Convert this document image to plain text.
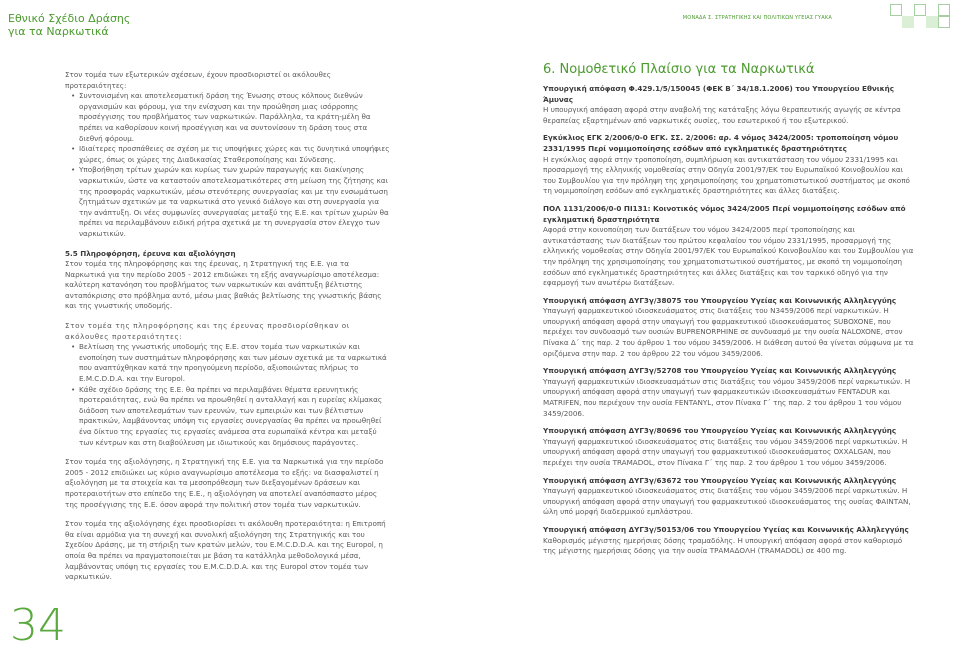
Εθνικό Σχέδιο Δράσης
για τα Ναρκωτικά
ΜΟΝΑΔΑ Σ. ΣΤΡΑΤΗΓΙΚΗΣ ΚΑΙ ΠΟΛΙΤΙΚΩΝ ΥΓΕΙΑΣ ΓΥΑΚΑ

Στον τομέα των εξωτερικών σχέσεων, έχουν προσδιοριστεί οι ακόλουθες προτεραιότητες:

• Συντονισμένη και αποτελεσματική δράση της Ένωσης στους κόλπους διεθνών οργανισμών και φόρουμ, για την ενίσχυση και την προώθηση μιας ισόρροπης προσέγγισης του προβλήματος των ναρκωτικών. Παράλληλα, τα κράτη-μέλη θα πρέπει να καθορίσουν κοινή προσέγγιση και να συντονίσουν τη δράση τους στα διεθνή φόρουμ.
• Ιδιαίτερες προσπάθειες σε σχέση με τις υποψήφιες χώρες και τις δυνητικά υποψήφιες χώρες, όπως οι χώρες της Διαδικασίας Σταθεροποίησης και Σύνδεσης.
• Υποβοήθηση τρίτων χωρών και κυρίως των χωρών παραγωγής και διακίνησης ναρκωτικών, ώστε να καταστούν αποτελεσματικότερες στη μείωση της ζήτησης και της προσφοράς ναρκωτικών, μέσω στενότερης συνεργασίας και με την ενσωμάτωση ζητημάτων σχετικών με τα ναρκωτικά στο γενικό διάλογο και στη συνεργασία για την ανάπτυξη. Οι νέες συμφωνίες συνεργασίας μεταξύ της Ε.Ε. και τρίτων χωρών θα πρέπει να περιλαμβάνουν ειδική ρήτρα σχετικά με τη συνεργασία στον έλεγχο των ναρκωτικών.

5.5 Πληροφόρηση, έρευνα και αξιολόγηση

Στον τομέα της πληροφόρησης και της έρευνας, η Στρατηγική της Ε.Ε. για τα Ναρκωτικά για την περίοδο 2005 - 2012 επιδιώκει τη εξής αναγνωρίσιμο αποτέλεσμα: καλύτερη κατανόηση του προβλήματος των ναρκωτικών και ανάπτυξη βέλτιστης ανταπόκρισης στο πρόβλημα αυτό, μέσω μιας βαθιάς βελτίωσης της γνωστικής βάσης και της γνωστικής υποδομής.

Στον τομέα της πληροφόρησης και της έρευνας προσδιορίσθηκαν οι ακόλουθες προτεραιότητες:

• Βελτίωση της γνωστικής υποδομής της Ε.Ε. στον τομέα των ναρκωτικών και ενοποίηση των συστημάτων πληροφόρησης και των μέσων σχετικά με τα ναρκωτικά που αναπτύχθηκαν κατά την προηγούμενη περίοδο, αξιοποιώντας πλήρως το Ε.Μ.C.D.D.A. και την Europol.
• Κάθε σχέδιο δράσης της Ε.Ε. θα πρέπει να περιλαμβάνει θέματα ερευνητικής προτεραιότητας, ενώ θα πρέπει να προωθηθεί η ανταλλαγή και η ευρείας κλίμακας διάδοση των αποτελεσμάτων των ερευνών, των εμπειριών και των βέλτιστων πρακτικών, λαμβάνοντας υπόψη τις εργασίες συνεργασίας θα πρέπει να προωθηθεί ένα δίκτυο της εργασίες τις εργασίες ανάμεσα στα ευρωπαϊκά κέντρα και μεταξύ των κέντρων και στη διαβούλευση με ιδιωτικούς και δημόσιους παράγοντες.

Στον τομέα της αξιολόγησης, η Στρατηγική της Ε.Ε. για τα Ναρκωτικά για την περίοδο 2005 - 2012 επιδιώκει ως κύριο αναγνωρίσιμο αποτέλεσμα το εξής: να διασφαλιστεί η αξιολόγηση με τα στοιχεία και τα μεσοπρόθεσμη των διεξαγομένων δράσεων και προτεραιοτήτων στο επίπεδο της Ε.Ε., η αξιολόγηση να αποτελεί αναπόσπαστο μέρος της προσέγγισης της Ε.Ε. όσον αφορά την πολιτική στον τομέα των ναρκωτικών.

Στον τομέα της αξιολόγησης έχει προσδιορίσει τι ακόλουθη προτεραιότητα: η Επιτροπή θα είναι αρμόδια για τη συνεχή και συνολική αξιολόγηση της Στρατηγικής και του Σχεδίου Δράσης, με τη στήριξη των κρατών μελών, του Ε.Μ.C.D.D.A. και της Europol, η οποία θα πρέπει να πραγματοποιείται με βάση τα κατάλληλα μεθοδολογικά μέσα, λαμβάνοντας υπόψη τις εργασίες του Ε.Μ.C.D.D.A. και της Europol στον τομέα των ναρκωτικών.

6. Νομοθετικό Πλαίσιο για τα Ναρκωτικά

Υπουργική απόφαση Φ.429.1/5/150045 (ΦΕΚ Β΄ 34/18.1.2006) του Υπουργείου Εθνικής Άμυνας

Η υπουργική απόφαση αφορά στην αναβολή της κατάταξης λόγω θεραπευτικής αγωγής σε κέντρα θεραπείας εξαρτημένων από ναρκωτικές ουσίες, του εσωτερικού ή του εξωτερικού.

Εγκύκλιος ΕΓΚ 2/2006/0-0 ΕΓΚ. ΣΣ. 2/2006: αρ. 4 νόμος 3424/2005: τροποποίηση νόμου 2331/1995 Περί νομιμοποίησης εσόδων από εγκληματικές δραστηριότητες

Η εγκύκλιος αφορά στην τροποποίηση, συμπλήρωση και αντικατάσταση του νόμου 2331/1995 και προσαρμογή της ελληνικής νομοθεσίας στην Οδηγία 2001/97/ΕΚ του Ευρωπαϊκού Κοινοβουλίου και του Συμβουλίου για την πρόληψη της χρησιμοποίησης του χρηματοπιστωτικού συστήματος με σκοπό τη νομιμοποίηση εσόδων από εγκληματικές δραστηριότητες και άλλες διατάξεις.

ΠΟΛ 1131/2006/0-0 ΠΙ131: Κοινοτικός νόμος 3424/2005 Περί νομιμοποίησης εσόδων από εγκληματική δραστηριότητα

Αφορά στην κοινοποίηση των διατάξεων του νόμου 3424/2005 περί τροποποίησης και αντικατάστασης των διατάξεων του πρώτου κεφαλαίου του νόμου 2331/1995, προσαρμογή της ελληνικής νομοθεσίας στην Οδηγία 2001/97/ΕΚ του Ευρωπαϊκού Κοινοβουλίου και του Συμβουλίου για την πρόληψη της χρησιμοποίησης του χρηματοπιστωτικού συστήματος, με σκοπό τη νομιμοποίηση εσόδων από εγκληματικές δραστηριότητες και άλλες διατάξεις και τον ταρκικό οδηγό για την εφαρμογή των ανωτέρω διατάξεων.

Υπουργική απόφαση ΔΥΓ3γ/38075 του Υπουργείου Υγείας και Κοινωνικής Αλληλεγγύης

Υπαγωγή φαρμακευτικού ιδιοσκευάσματος στις διατάξεις του Ν3459/2006 περί ναρκωτικών. Η υπουργική απόφαση αφορά στην υπαγωγή του φαρμακευτικού ιδιοσκευάσματος SUBOXONE, που περιέχει τον συνδυασμό των ουσιών BUPRENORPHINE σε συνδυασμό με την ουσία NALOXONE, στον Πίνακα Δ΄ της παρ. 2 του άρθρου 1 του νόμου 3459/2006. Η διάθεση αυτού θα γίνεται σύμφωνα με τα οριζόμενα στην παρ. 2 του άρθρου 22 του νόμου 3459/2006.

Υπουργική απόφαση ΔΥΓ3γ/52708 του Υπουργείου Υγείας και Κοινωνικής Αλληλεγγύης

Υπαγωγή φαρμακευτικών ιδιοσκευασμάτων στις διατάξεις του νόμου 3459/2006 περί ναρκωτικών. Η υπουργική απόφαση αφορά στην υπαγωγή των φαρμακευτικών ιδιοσκευασμάτων FENTADUR και MATRIFEN, που περιέχουν την ουσία FENTANYL, στον Πίνακα Γ΄ της παρ. 2 του άρθρου 1 του νόμου 3459/2006.

Υπουργική απόφαση ΔΥΓ3γ/80696 του Υπουργείου Υγείας και Κοινωνικής Αλληλεγγύης

Υπαγωγή φαρμακευτικού ιδιοσκευάσματος στις διατάξεις του νόμου 3459/2006 περί ναρκωτικών. Η υπουργική απόφαση αφορά στην υπαγωγή του φαρμακευτικού ιδιοσκευάσματος OXXALGAN, που περιέχει την ουσία TRAMADOL, στον Πίνακα Γ΄ της παρ. 2 του άρθρου 1 του νόμου 3459/2006.

Υπουργική απόφαση ΔΥΓ3γ/63672 του Υπουργείου Υγείας και Κοινωνικής Αλληλεγγύης

Υπαγωγή φαρμακευτικού ιδιοσκευάσματος στις διατάξεις του νόμου 3459/2006 περί ναρκωτικών. Η υπουργική απόφαση αφορά στην υπαγωγή του φαρμακευτικού ιδιοσκευάσματος της ουσίας ΦΑΙΝΤΑΝ, ώλη υπό μορφή διαδερμικού εμπλάστρου.

Υπουργική απόφαση ΔΥΓ3γ/50153/06 του Υπουργείου Υγείας και Κοινωνικής Αλληλεγγύης

Καθορισμός μέγιστης ημερήσιας δόσης τραμαδόλης. Η υπουργική απόφαση αφορά στον καθορισμό της μέγιστης ημερήσιας δόσης για την ουσία ΤΡΑΜΑΔΟΛΗ (TRAMADOL) σε 400 mg.

34
